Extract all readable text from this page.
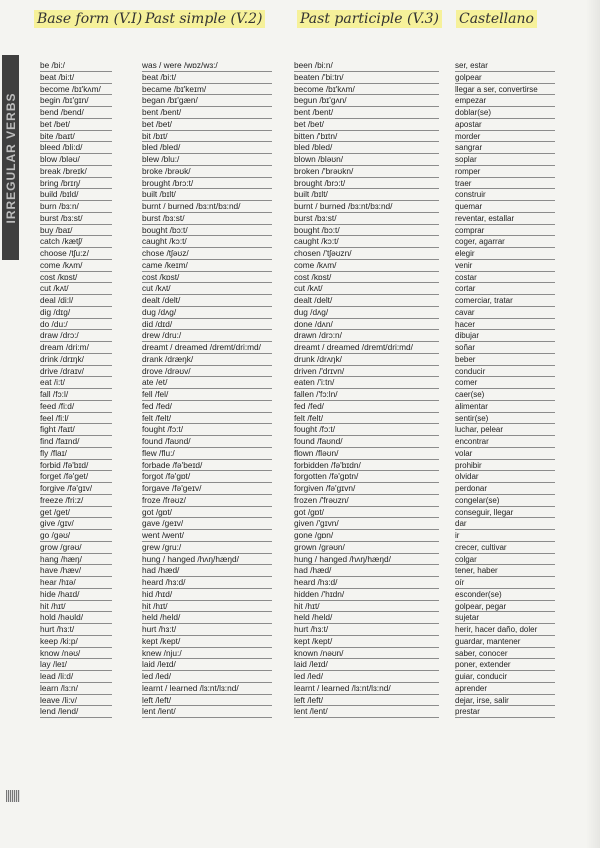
Base form (V.I) Past simple (V.2)	Past participle (V.3) Castellano
IRREGULAR VERBS
be /bi:/
beat /bi:t/
become /bɪ'kʌm/
begin /bɪ'gɪn/
bend /bend/
bet /bet/
bite /baɪt/
bleed /bli:d/
blow /bləʊ/
break /breɪk/
bring /brɪŋ/
build /bɪld/
burn /bɜ:n/
burst /bɜ:st/
buy /baɪ/
catch /kætʃ/
choose /tʃu:z/
come /kʌm/
cost /kɒst/
cut /kʌt/
deal /di:l/
dig /dɪg/
do /du:/
draw /drɔ:/
dream /dri:m/
drink /drɪŋk/
drive /draɪv/
eat /i:t/
fall /fɔ:l/
feed /fi:d/
feel /fi:l/
fight /faɪt/
find /faɪnd/
fly /flaɪ/
forbid /fə'bɪd/
forget /fə'get/
forgive /fə'gɪv/
freeze /fri:z/
get /get/
give /gɪv/
go /gəʊ/
grow /grəʊ/
hang /hæŋ/
have /hæv/
hear /hɪə/
hide /haɪd/
hit /hɪt/
hold /həʊld/
hurt /hɜ:t/
keep /ki:p/
know /nəʊ/
lay /leɪ/
lead /li:d/
learn /lɜ:n/
leave /li:v/
lend /lend/
was / were /wɒz/wɜ:/
beat /bi:t/
became /bɪ'keɪm/
began /bɪ'gæn/
bent /bent/
bet /bet/
bit /bɪt/
bled /bled/
blew /blu:/
broke /brəʊk/
brought /brɔ:t/
built /bɪlt/
burnt / burned /bɜ:nt/bɜ:nd/
burst /bɜ:st/
bought /bɔ:t/
caught /kɔ:t/
chose /tʃəʊz/
came /keɪm/
cost /kɒst/
cut /kʌt/
dealt /delt/
dug /dʌg/
did /dɪd/
drew /dru:/
dreamt / dreamed /dremt/dri:md/
drank /dræŋk/
drove /drəʊv/
ate /et/
fell /fel/
fed /fed/
felt /felt/
fought /fɔ:t/
found /faʊnd/
flew /flu:/
forbade /fə'beɪd/
forgot /fə'gɒt/
forgave /fə'geɪv/
froze /frəʊz/
got /gɒt/
gave /geɪv/
went /went/
grew /gru:/
hung / hanged /hʌŋ/hæŋd/
had /hæd/
heard /hɜ:d/
hid /hɪd/
hit /hɪt/
held /held/
hurt /hɜ:t/
kept /kept/
knew /nju:/
laid /leɪd/
led /led/
learnt / learned /lɜ:nt/lɜ:nd/
left /left/
lent /lent/
been /bi:n/
beaten /'bi:tn/
become /bɪ'kʌm/
begun /bɪ'gʌn/
bent /bent/
bet /bet/
bitten /'bɪtn/
bled /bled/
blown /bləʊn/
broken /'brəʊkn/
brought /brɔ:t/
built /bɪlt/
burnt / burned /bɜ:nt/bɜ:nd/
burst /bɜ:st/
bought /bɔ:t/
caught /kɔ:t/
chosen /'tʃəʊzn/
come /kʌm/
cost /kɒst/
cut /kʌt/
dealt /delt/
dug /dʌg/
done /dʌn/
drawn /drɔ:n/
dreamt / dreamed /dremt/dri:md/
drunk /drʌŋk/
driven /'drɪvn/
eaten /'i:tn/
fallen /'fɔ:ln/
fed /fed/
felt /felt/
fought /fɔ:t/
found /faʊnd/
flown /fləʊn/
forbidden /fə'bɪdn/
forgotten /fə'gɒtn/
forgiven /fə'gɪvn/
frozen /'frəʊzn/
got /gɒt/
given /'gɪvn/
gone /gɒn/
grown /grəʊn/
hung / hanged /hʌŋ/hæŋd/
had /hæd/
heard /hɜ:d/
hidden /'hɪdn/
hit /hɪt/
held /held/
hurt /hɜ:t/
kept /kept/
known /nəʊn/
laid /leɪd/
led /led/
learnt / learned /lɜ:nt/lɜ:nd/
left /left/
lent /lent/
ser, estar
golpear
llegar a ser, convertirse
empezar
doblar(se)
apostar
morder
sangrar
soplar
romper
traer
construir
quemar
reventar, estallar
comprar
coger, agarrar
elegir
venir
costar
cortar
comerciar, tratar
cavar
hacer
dibujar
soñar
beber
conducir
comer
caer(se)
alimentar
sentir(se)
luchar, pelear
encontrar
volar
prohibir
olvidar
perdonar
congelar(se)
conseguir, llegar
dar
ir
crecer, cultivar
colgar
tener, haber
oír
esconder(se)
golpear, pegar
sujetar
herir, hacer daño, doler
guardar, mantener
saber, conocer
poner, extender
guiar, conducir
aprender
dejar, irse, salir
prestar
